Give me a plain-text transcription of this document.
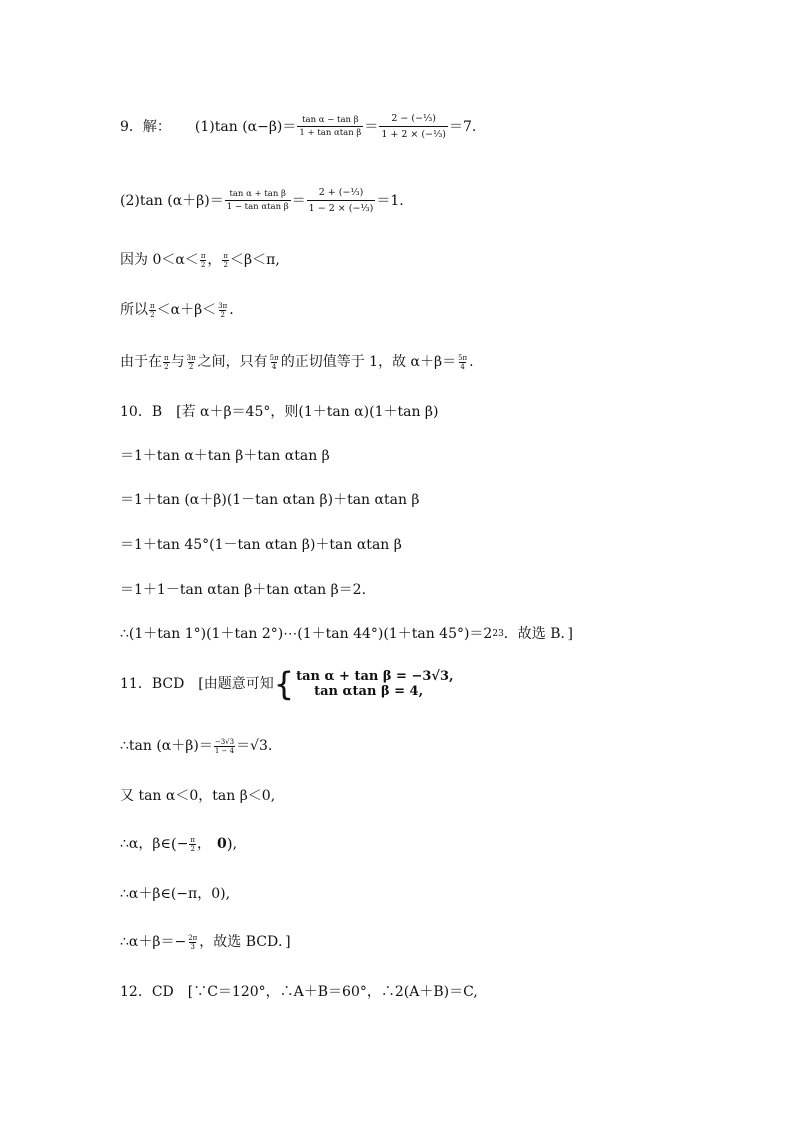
9．解： (1)tan $(\alpha-\beta)= \frac{\text{tan α − tan β}}{\text{1 + tan αtan β}} = \frac{\text{2 − (−⅓)}}{\text{1 + 2 × (−⅓)}} =7$.
(2)tan $(\alpha+\beta)= \frac{\text{tan α + tan β}}{\text{1 − tan αtan β}} = \frac{\text{2 + (−⅓)}}{\text{1 − 2 × (−⅓)}} =1$.
因为 $0<\alpha< \frac{\pi}{2}$ ， $\frac{\pi}{2} <\beta<\pi$,
所以 $\frac{\pi}{2} <\alpha+\beta< \frac{3\pi}{2}$ .
由于在 $\frac{\pi}{2}$ 与 $\frac{3\pi}{2}$ 之间，只有 $\frac{5\pi}{4}$ 的正切值等于 1，故 $\alpha+\beta= \frac{5\pi}{4}$ .
10．B　[若 α＋β＝45°，则(1＋tan α)(1＋tan β)
＝1＋tan α＋tan β＋tan αtan β
＝1＋tan (α＋β)(1－tan αtan β)＋tan αtan β
＝1＋tan 45°(1－tan αtan β)＋tan αtan β
＝1＋1－tan αtan β＋tan αtan β＝2.
∴(1＋tan 1°)(1＋tan 2°)⋯(1＋tan 44°)(1＋tan 45°)＝2 23 ．故选 B．]
11．BCD　[由题意可知 { tan α + tan β = −3√3,
tan αtan β = 4,
∴tan $(\alpha+\beta)= \frac{-3√3}{1 - 4} =√3$.
又 tan α＜0，tan β＜0,
∴α，β∈ ( − $\frac{\pi}{2}$ ， 0 ) ,
∴α＋β∈(−π，0),
∴α＋β＝− $\frac{2\pi}{3}$ ，故选 BCD．]
12．CD　[∵C＝120°，∴A＋B＝60°，∴2(A＋B)＝C,
